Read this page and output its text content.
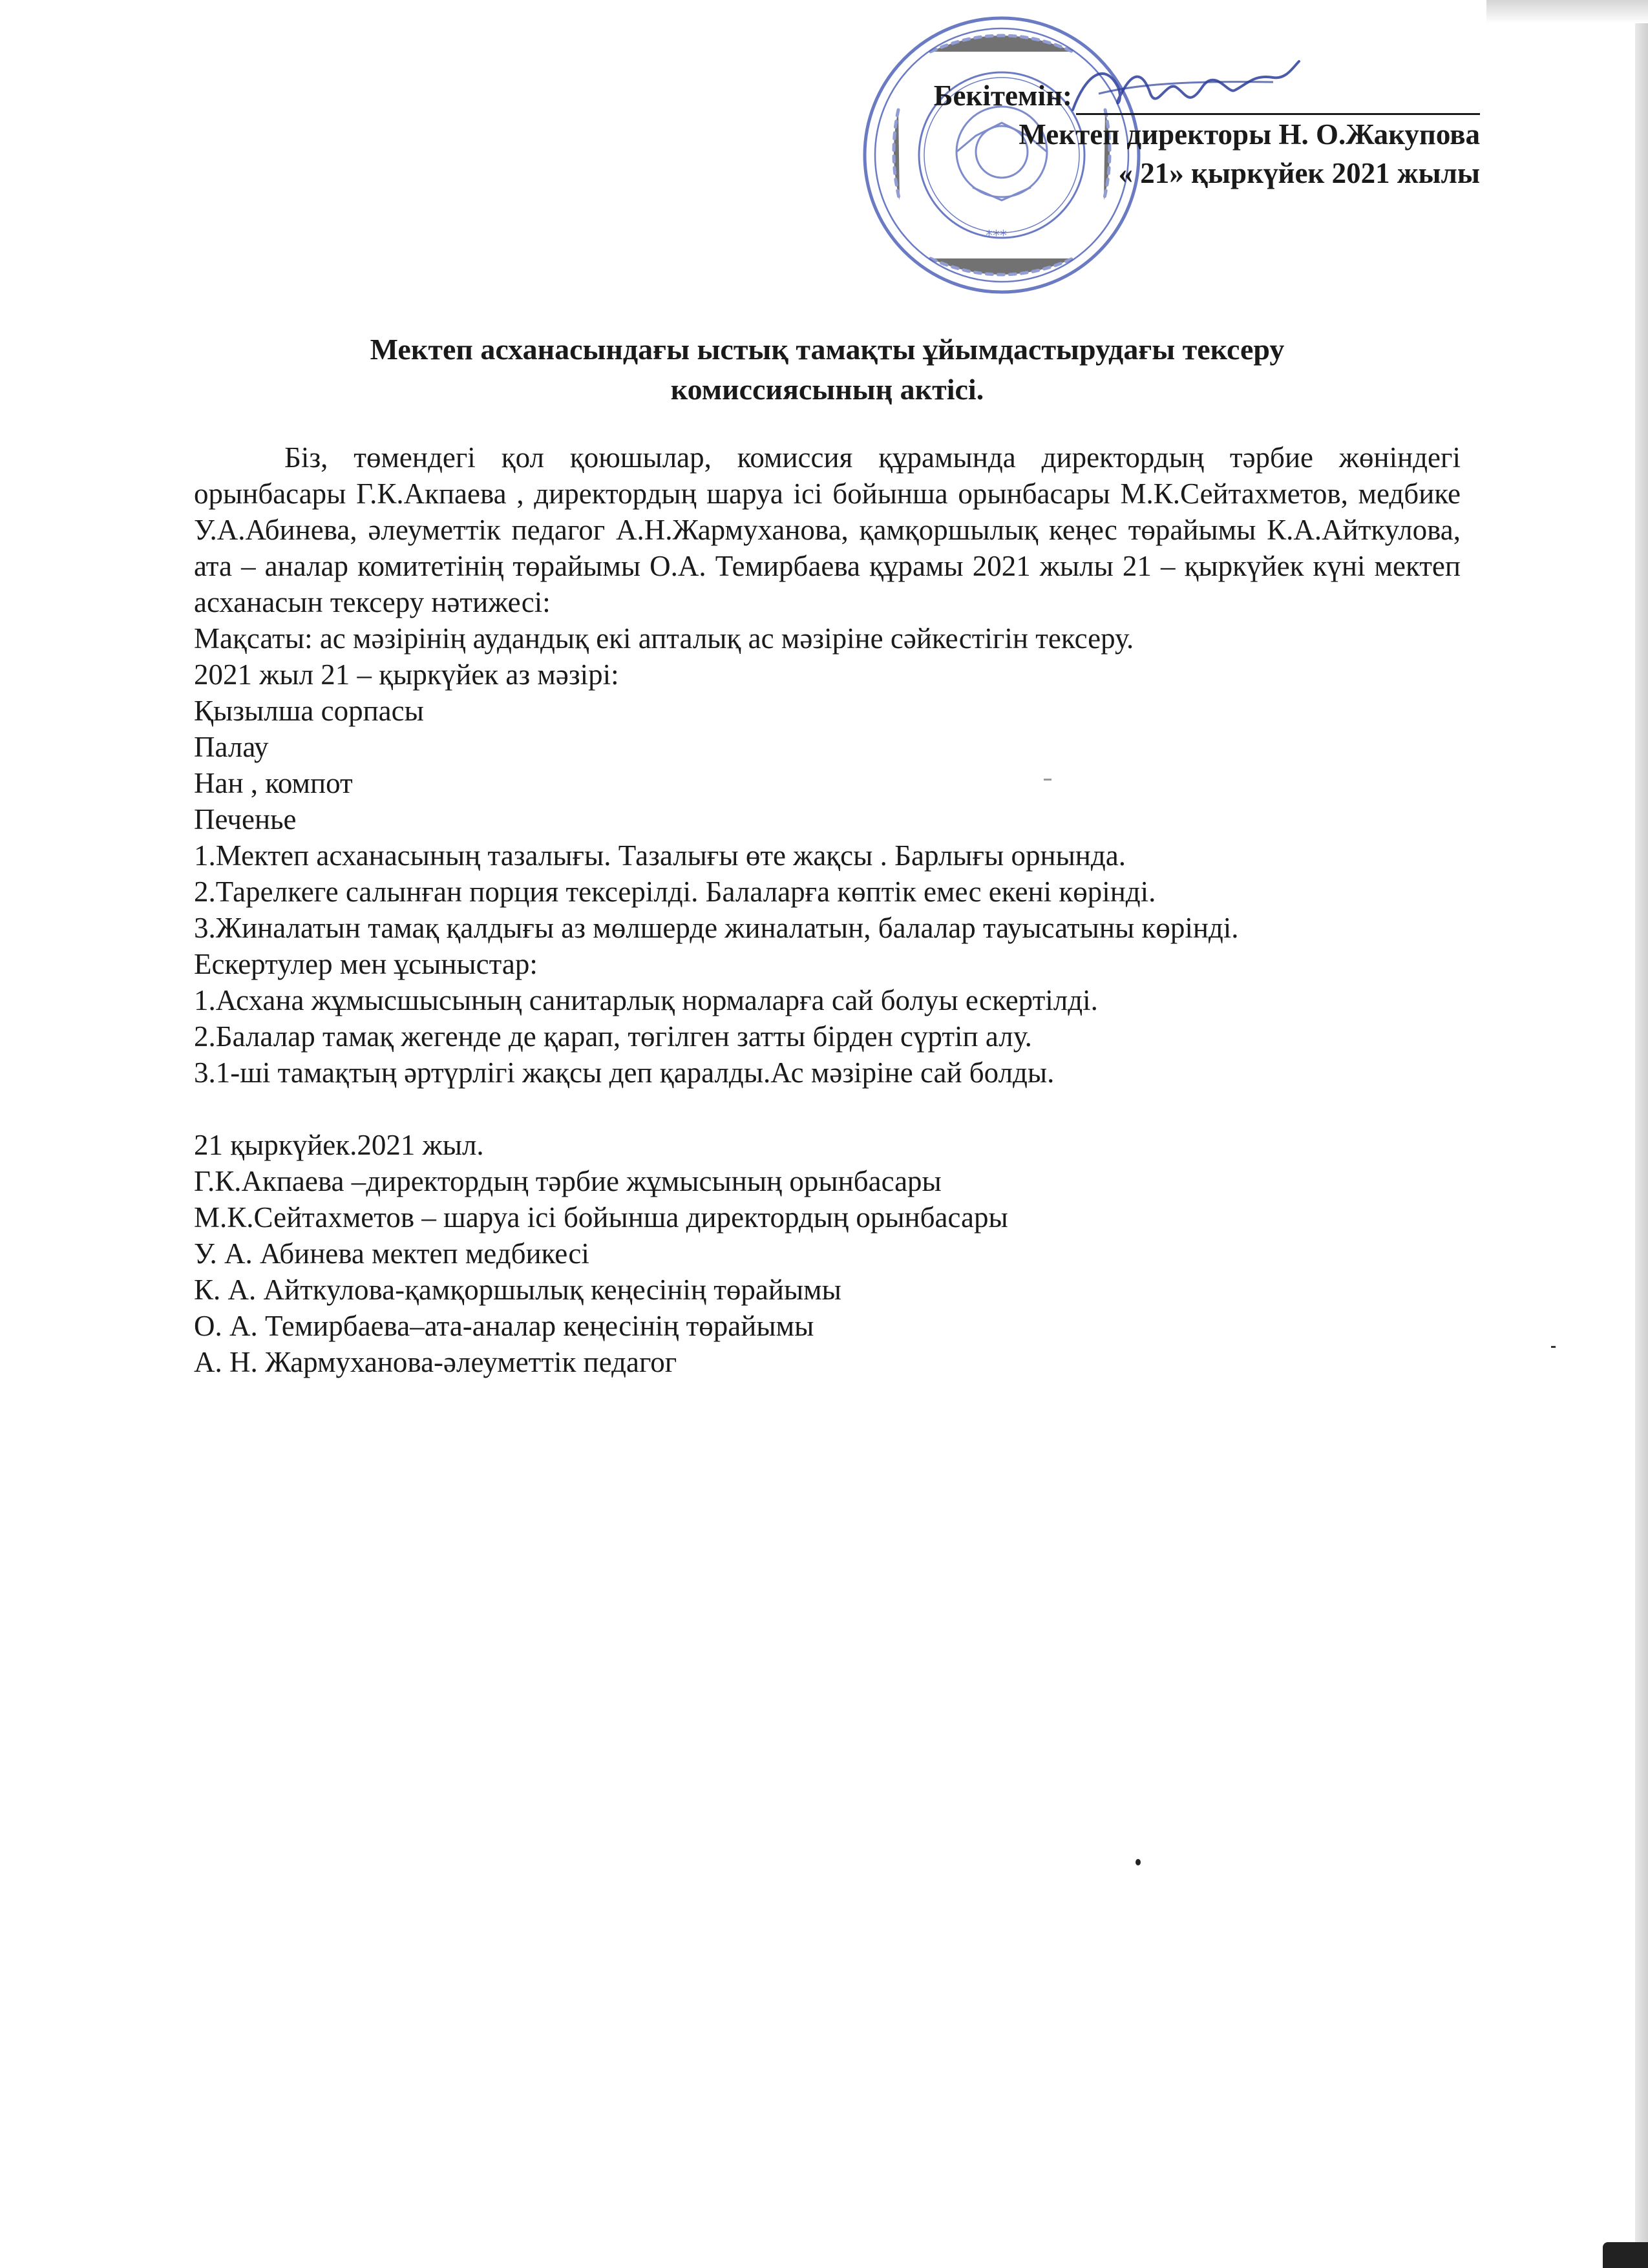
***
Бекітемін:
Мектеп директоры Н. О.Жакупова
« 21» қыркүйек 2021 жылы
Мектеп асханасындағы ыстық тамақты ұйымдастырудағы тексеру
комиссиясының актісі.

Біз, төмендегі қол қоюшылар, комиссия құрамында директордың тәрбие жөніндегі орынбасары Г.К.Акпаева , директордың шаруа ісі бойынша орынбасары М.К.Сейтахметов, медбике У.А.Абинева, әлеуметтік педагог А.Н.Жармуханова, қамқоршылық кеңес төрайымы К.А.Айткулова, ата – аналар комитетінің төрайымы О.А. Темирбаева құрамы 2021 жылы 21 – қыркүйек күні мектеп асханасын тексеру нәтижесі:

Мақсаты: ас мәзірінің аудандық екі апталық ас мәзіріне сәйкестігін тексеру.

2021 жыл 21 – қыркүйек аз мәзірі:

Қызылша сорпасы

Палау

Нан , компот

Печенье

1.Мектеп асханасының тазалығы. Тазалығы өте жақсы . Барлығы орнында.

2.Тарелкеге салынған порция тексерілді. Балаларға көптік емес екені көрінді.

3.Жиналатын тамақ қалдығы аз мөлшерде жиналатын, балалар тауысатыны көрінді.

Ескертулер мен ұсыныстар:

1.Асхана жұмысшысының санитарлық нормаларға сай болуы ескертілді.

2.Балалар тамақ жегенде де қарап, төгілген затты бірден сүртіп алу.

3.1-ші тамақтың әртүрлігі жақсы деп қаралды.Ас мәзіріне сай болды.

21 қыркүйек.2021 жыл.

Г.К.Акпаева –директордың тәрбие жұмысының орынбасары

М.К.Сейтахметов – шаруа ісі бойынша директордың орынбасары

У. А. Абинева мектеп медбикесі

К. А. Айткулова-қамқоршылық кеңесінің төрайымы

О. А. Темирбаева–ата-аналар кеңесінің төрайымы

А. Н. Жармуханова-әлеуметтік педагог
